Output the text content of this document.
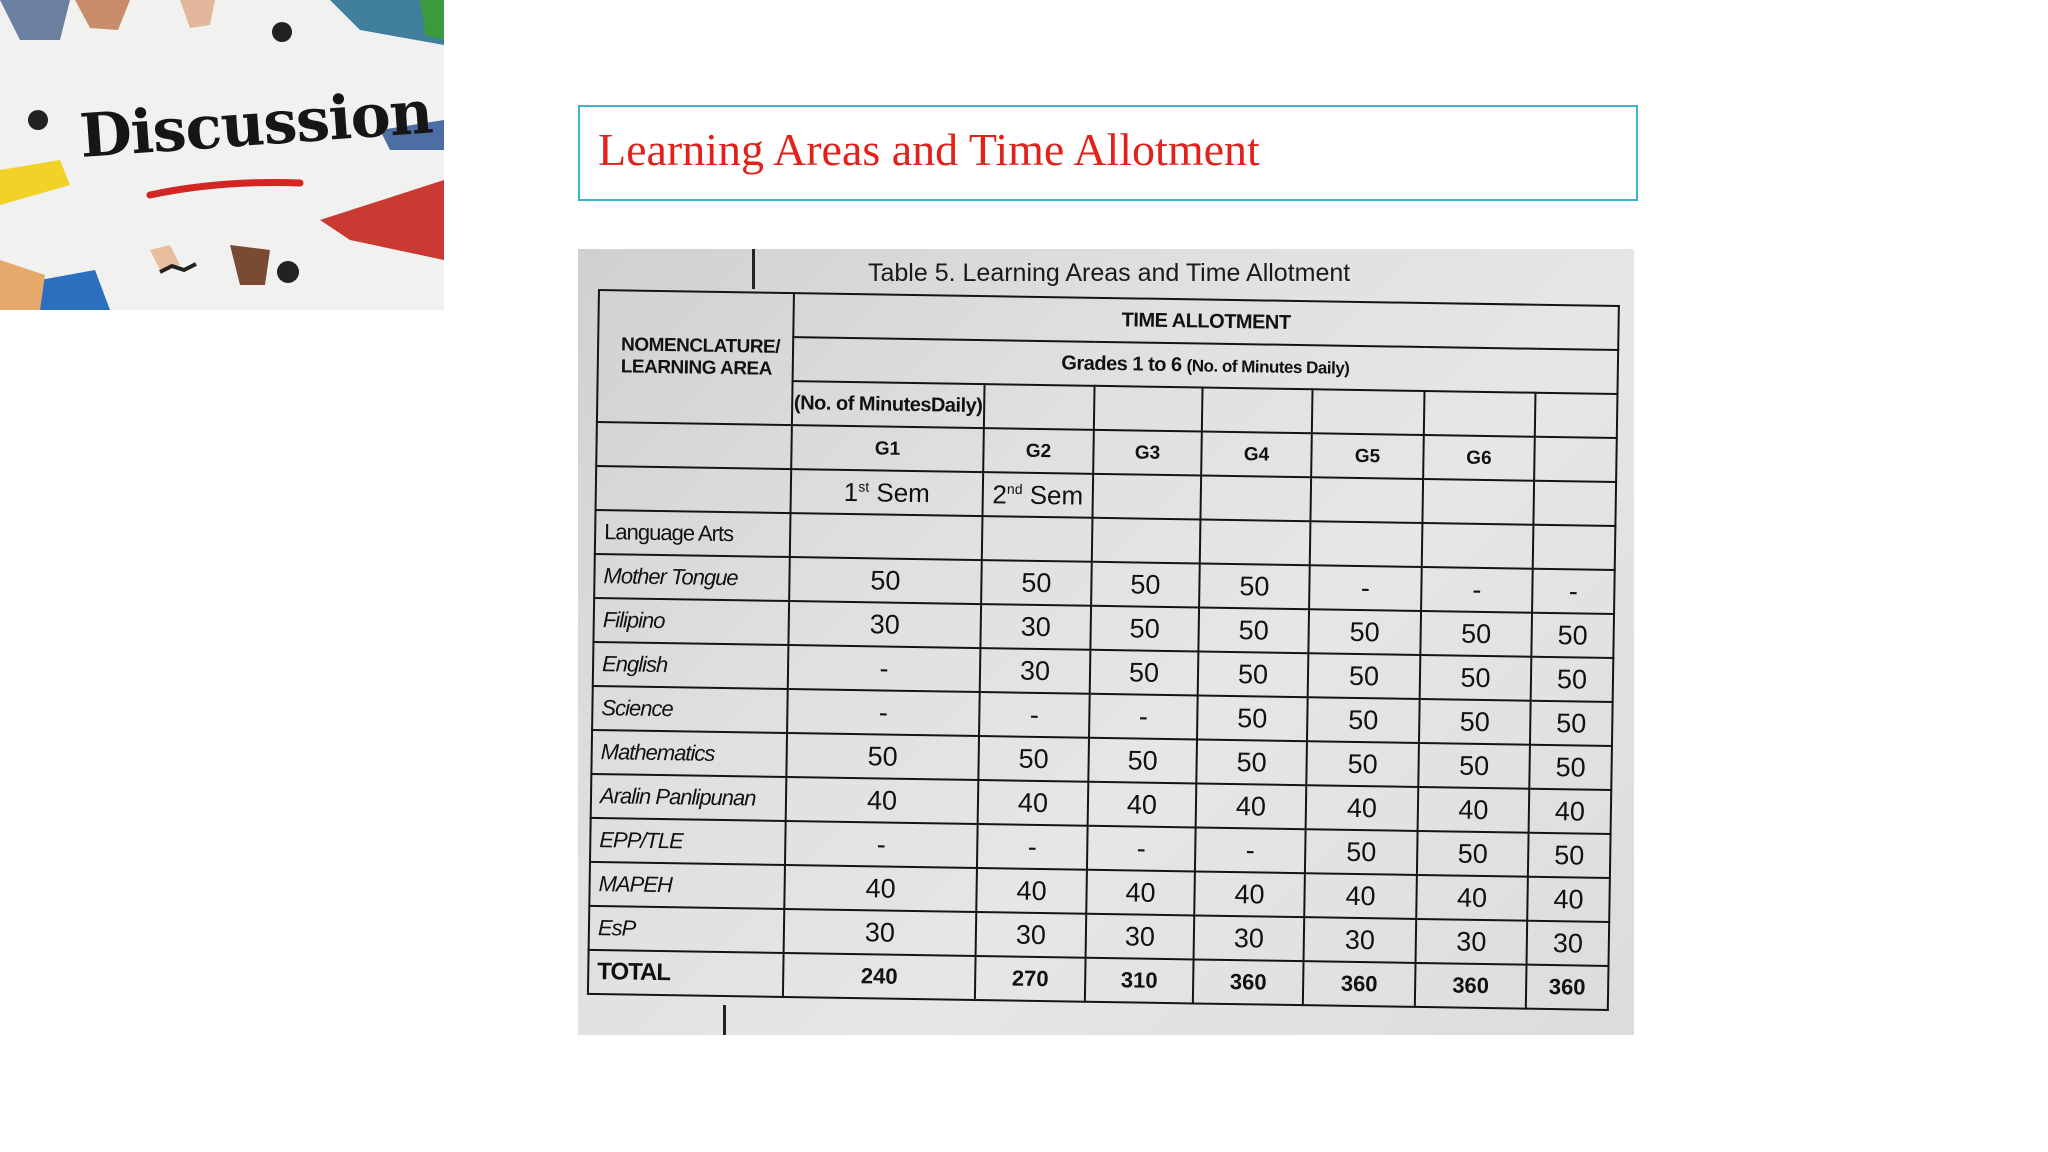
Discussion	Learning Areas and Time Allotment
Table 5. Learning Areas and Time Allotment
NOMENCLATURE/
LEARNING AREA	TIME ALLOTMENT						
	Grades 1 to 6 (No. of Minutes Daily)						
	(No. of MinutesDaily)						
	G1	G2	G3	G4	G5	G6	
	1st Sem	2nd Sem					
Language Arts							
Mother Tongue	50	50	50	50	-	-	-
Filipino	30	30	50	50	50	50	50
English	-	30	50	50	50	50	50
Science	-	-	-	50	50	50	50
Mathematics	50	50	50	50	50	50	50
Aralin Panlipunan	40	40	40	40	40	40	40
EPP/TLE	-	-	-	-	50	50	50
MAPEH	40	40	40	40	40	40	40
EsP	30	30	30	30	30	30	30
TOTAL	240	270	310	360	360	360	360
